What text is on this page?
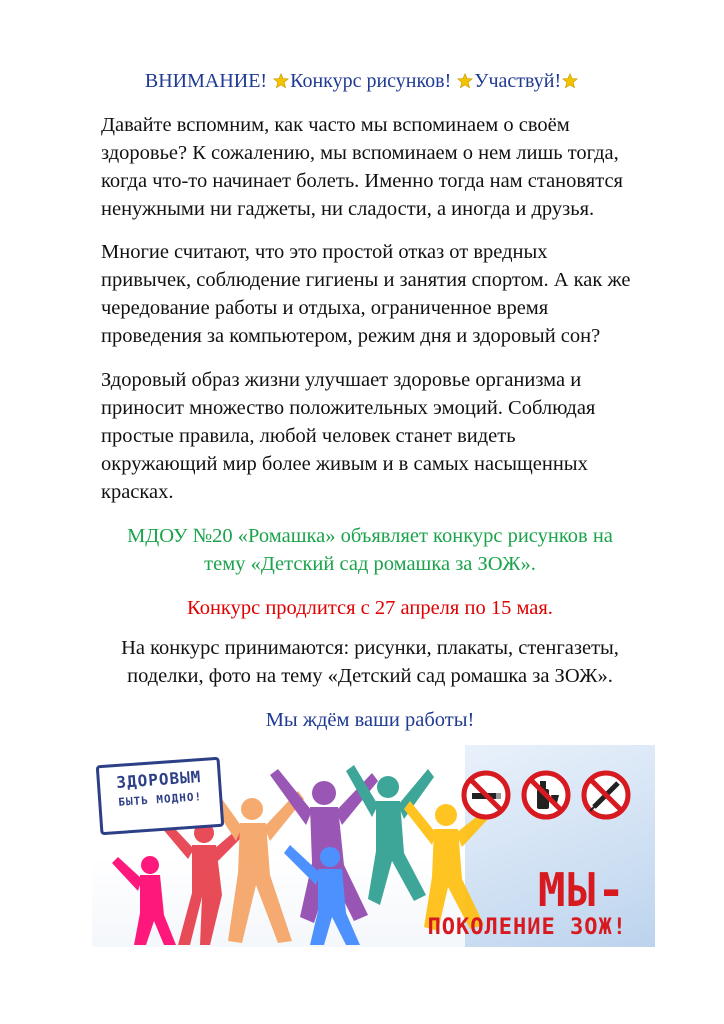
ВНИМАНИЕ! Конкурс рисунков! Участвуй!

Давайте вспомним, как часто мы вспоминаем о своём
здоровье? К сожалению, мы вспоминаем о нем лишь тогда,
когда что-то начинает болеть. Именно тогда нам становятся
ненужными ни гаджеты, ни сладости, а иногда и друзья.

Многие считают, что это простой отказ от вредных
привычек, соблюдение гигиены и занятия спортом. А как же
чередование работы и отдыха, ограниченное время
проведения за компьютером, режим дня и здоровый сон?

Здоровый образ жизни улучшает здоровье организма и
приносит множество положительных эмоций. Соблюдая
простые правила, любой человек станет видеть
окружающий мир более живым и в самых насыщенных
красках.

МДОУ №20 «Ромашка» объявляет конкурс рисунков на
тему «Детский сад ромашка за ЗОЖ».

Конкурс продлится с 27 апреля по 15 мая.

На конкурс принимаются: рисунки, плакаты, стенгазеты,
поделки, фото на тему «Детский сад ромашка за ЗОЖ».

Мы ждём ваши работы!

ЗДОРОВЫМ
БЫТЬ МОДНО!
МЫ-
ПОКОЛЕНИЕ ЗОЖ!
